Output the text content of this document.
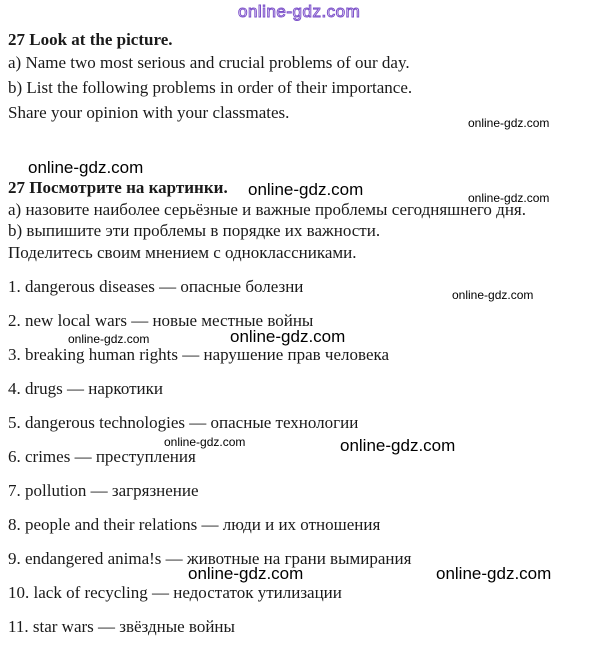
online-gdz.com
27 Look at the picture.
a) Name two most serious and crucial problems of our day.
b) List the following problems in order of their importance.
Share your opinion with your classmates.
27 Посмотрите на картинки.
а) назовите наиболее серьёзные и важные проблемы сегодняшнего дня.
b) выпишите эти проблемы в порядке их важности.
Поделитесь своим мнением с одноклассниками.
1. dangerous diseases — опасные болезни
2. new local wars — новые местные войны
3. breaking human rights — нарушение прав человека
4. drugs — наркотики
5. dangerous technologies — опасные технологии
6. crimes — преступления
7. pollution — загрязнение
8. people and their relations — люди и их отношения
9. endangered anima!s — животные на грани вымирания
10. lack of recycling — недостаток утилизации
11. star wars — звёздные войны
online-gdz.com
online-gdz.com
online-gdz.com	online-gdz.com
online-gdz.com
online-gdz.com	online-gdz.com
online-gdz.com	online-gdz.com
online-gdz.com	online-gdz.com
